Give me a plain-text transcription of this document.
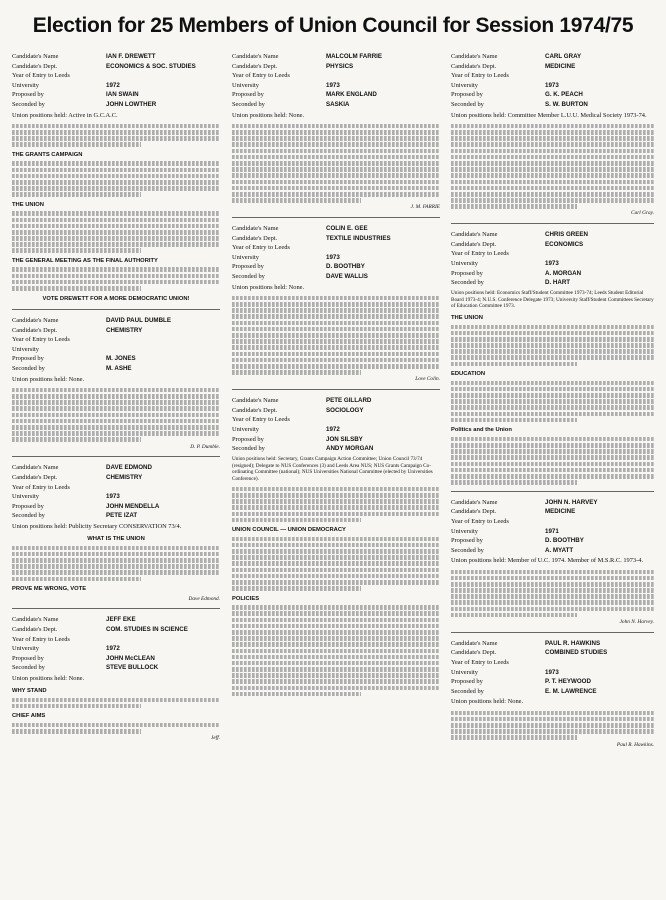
Election for 25 Members of Union Council for Session 1974/75
Candidate's Name	IAN F. DREWETT
Candidate's Dept.	ECONOMICS & SOC. STUDIES
Year of Entry to Leeds
University	1972
Proposed by	IAN SWAIN
Seconded by	JOHN LOWTHER
Union positions held: Active in G.C.A.C.
THE GRANTS CAMPAIGN
THE UNION
THE GENERAL MEETING AS THE FINAL AUTHORITY
VOTE DREWETT FOR A MORE DEMOCRATIC UNION!
Candidate's Name	DAVID PAUL DUMBLE
Candidate's Dept.	CHEMISTRY
Year of Entry to Leeds
University
Proposed by	M. JONES
Seconded by	M. ASHE
Union positions held: None.
D. P. Dumble.
Candidate's Name	DAVE EDMOND
Candidate's Dept.	CHEMISTRY
Year of Entry to Leeds
University	1973
Proposed by	JOHN MENDELLA
Seconded by	PETE IZAT
Union positions held: Publicity Secretary CONSERVATION 73/4.
WHAT IS THE UNION
PROVE ME WRONG, VOTE
Dave Edmond.
Candidate's Name	JEFF EKE
Candidate's Dept.	COM. STUDIES IN SCIENCE
Year of Entry to Leeds
University	1972
Proposed by	JOHN McCLEAN
Seconded by	STEVE BULLOCK
Union positions held: None.
WHY STAND
CHIEF AIMS
Jeff.
Candidate's Name	MALCOLM FARRIE
Candidate's Dept.	PHYSICS
Year of Entry to Leeds
University	1973
Proposed by	MARK ENGLAND
Seconded by	SASKIA
Union positions held: None.
J. M. FARRIE
Candidate's Name	COLIN E. GEE
Candidate's Dept.	TEXTILE INDUSTRIES
Year of Entry to Leeds
University	1973
Proposed by	D. BOOTHBY
Seconded by	DAVE WALLIS
Union positions held: None.
Love Colin.
Candidate's Name	PETE GILLARD
Candidate's Dept.	SOCIOLOGY
Year of Entry to Leeds
University	1972
Proposed by	JON SILSBY
Seconded by	ANDY MORGAN
Union positions held: Secretary, Grants Campaign Action Committee; Union Council 73/74 (resigned); Delegate to NUS Conferences (3) and Leeds Area NUS; NUS Grants Campaign Co-ordinating Committee (national); NUS Universities National Committee (elected by Universities Conference).
UNION COUNCIL — UNION DEMOCRACY
POLICIES
Candidate's Name	CARL GRAY
Candidate's Dept.	MEDICINE
Year of Entry to Leeds
University	1973
Proposed by	G. K. PEACH
Seconded by	S. W. BURTON
Union positions held: Committee Member L.U.U. Medical Society 1973-74.
Carl Gray.
Candidate's Name	CHRIS GREEN
Candidate's Dept.	ECONOMICS
Year of Entry to Leeds
University	1973
Proposed by	A. MORGAN
Seconded by	D. HART
Union positions held: Economics Staff/Student Committee 1973-74; Leeds Student Editorial Board 1973-4; N.U.S. Conference Delegate 1973; University Staff/Student Committees Secretary of Education Committee 1973.
THE UNION
EDUCATION
Politics and the Union
Candidate's Name	JOHN N. HARVEY
Candidate's Dept.	MEDICINE
Year of Entry to Leeds
University	1971
Proposed by	D. BOOTHBY
Seconded by	A. MYATT
Union positions held: Member of U.C. 1974. Member of M.S.R.C. 1973-4.
John N. Harvey.
Candidate's Name	PAUL R. HAWKINS
Candidate's Dept.	COMBINED STUDIES
Year of Entry to Leeds
University	1973
Proposed by	P. T. HEYWOOD
Seconded by	E. M. LAWRENCE
Union positions held: None.
Paul R. Hawkins.
